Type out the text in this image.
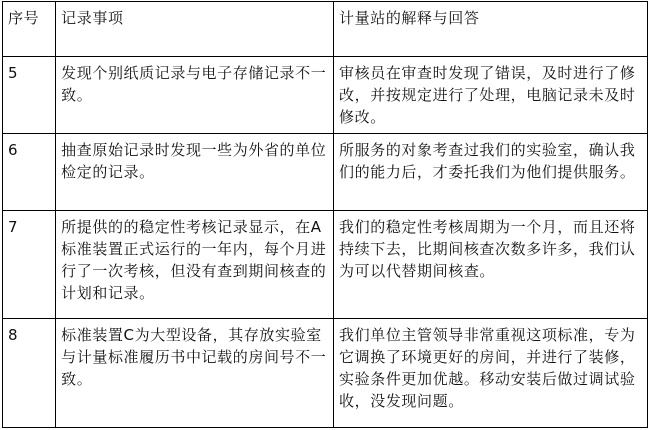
序号	记录事项	计量站的解释与回答
5	发现个别纸质记录与电子存储记录不一致。	审核员在审查时发现了错误，及时进行了修改，并按规定进行了处理，电脑记录未及时修改。
6	抽查原始记录时发现一些为外省的单位检定的记录。	所服务的对象考查过我们的实验室，确认我们的能力后，才委托我们为他们提供服务。
7	所提供的的稳定性考核记录显示，在A标准装置正式运行的一年内，每个月进行了一次考核，但没有查到期间核查的计划和记录。	我们的稳定性考核周期为一个月，而且还将持续下去，比期间核查次数多许多，我们认为可以代替期间核查。
8	标准装置C为大型设备，其存放实验室与计量标准履历书中记载的房间号不一致。	我们单位主管领导非常重视这项标准，专为它调换了环境更好的房间，并进行了装修，实验条件更加优越。移动安装后做过调试验收，没发现问题。
